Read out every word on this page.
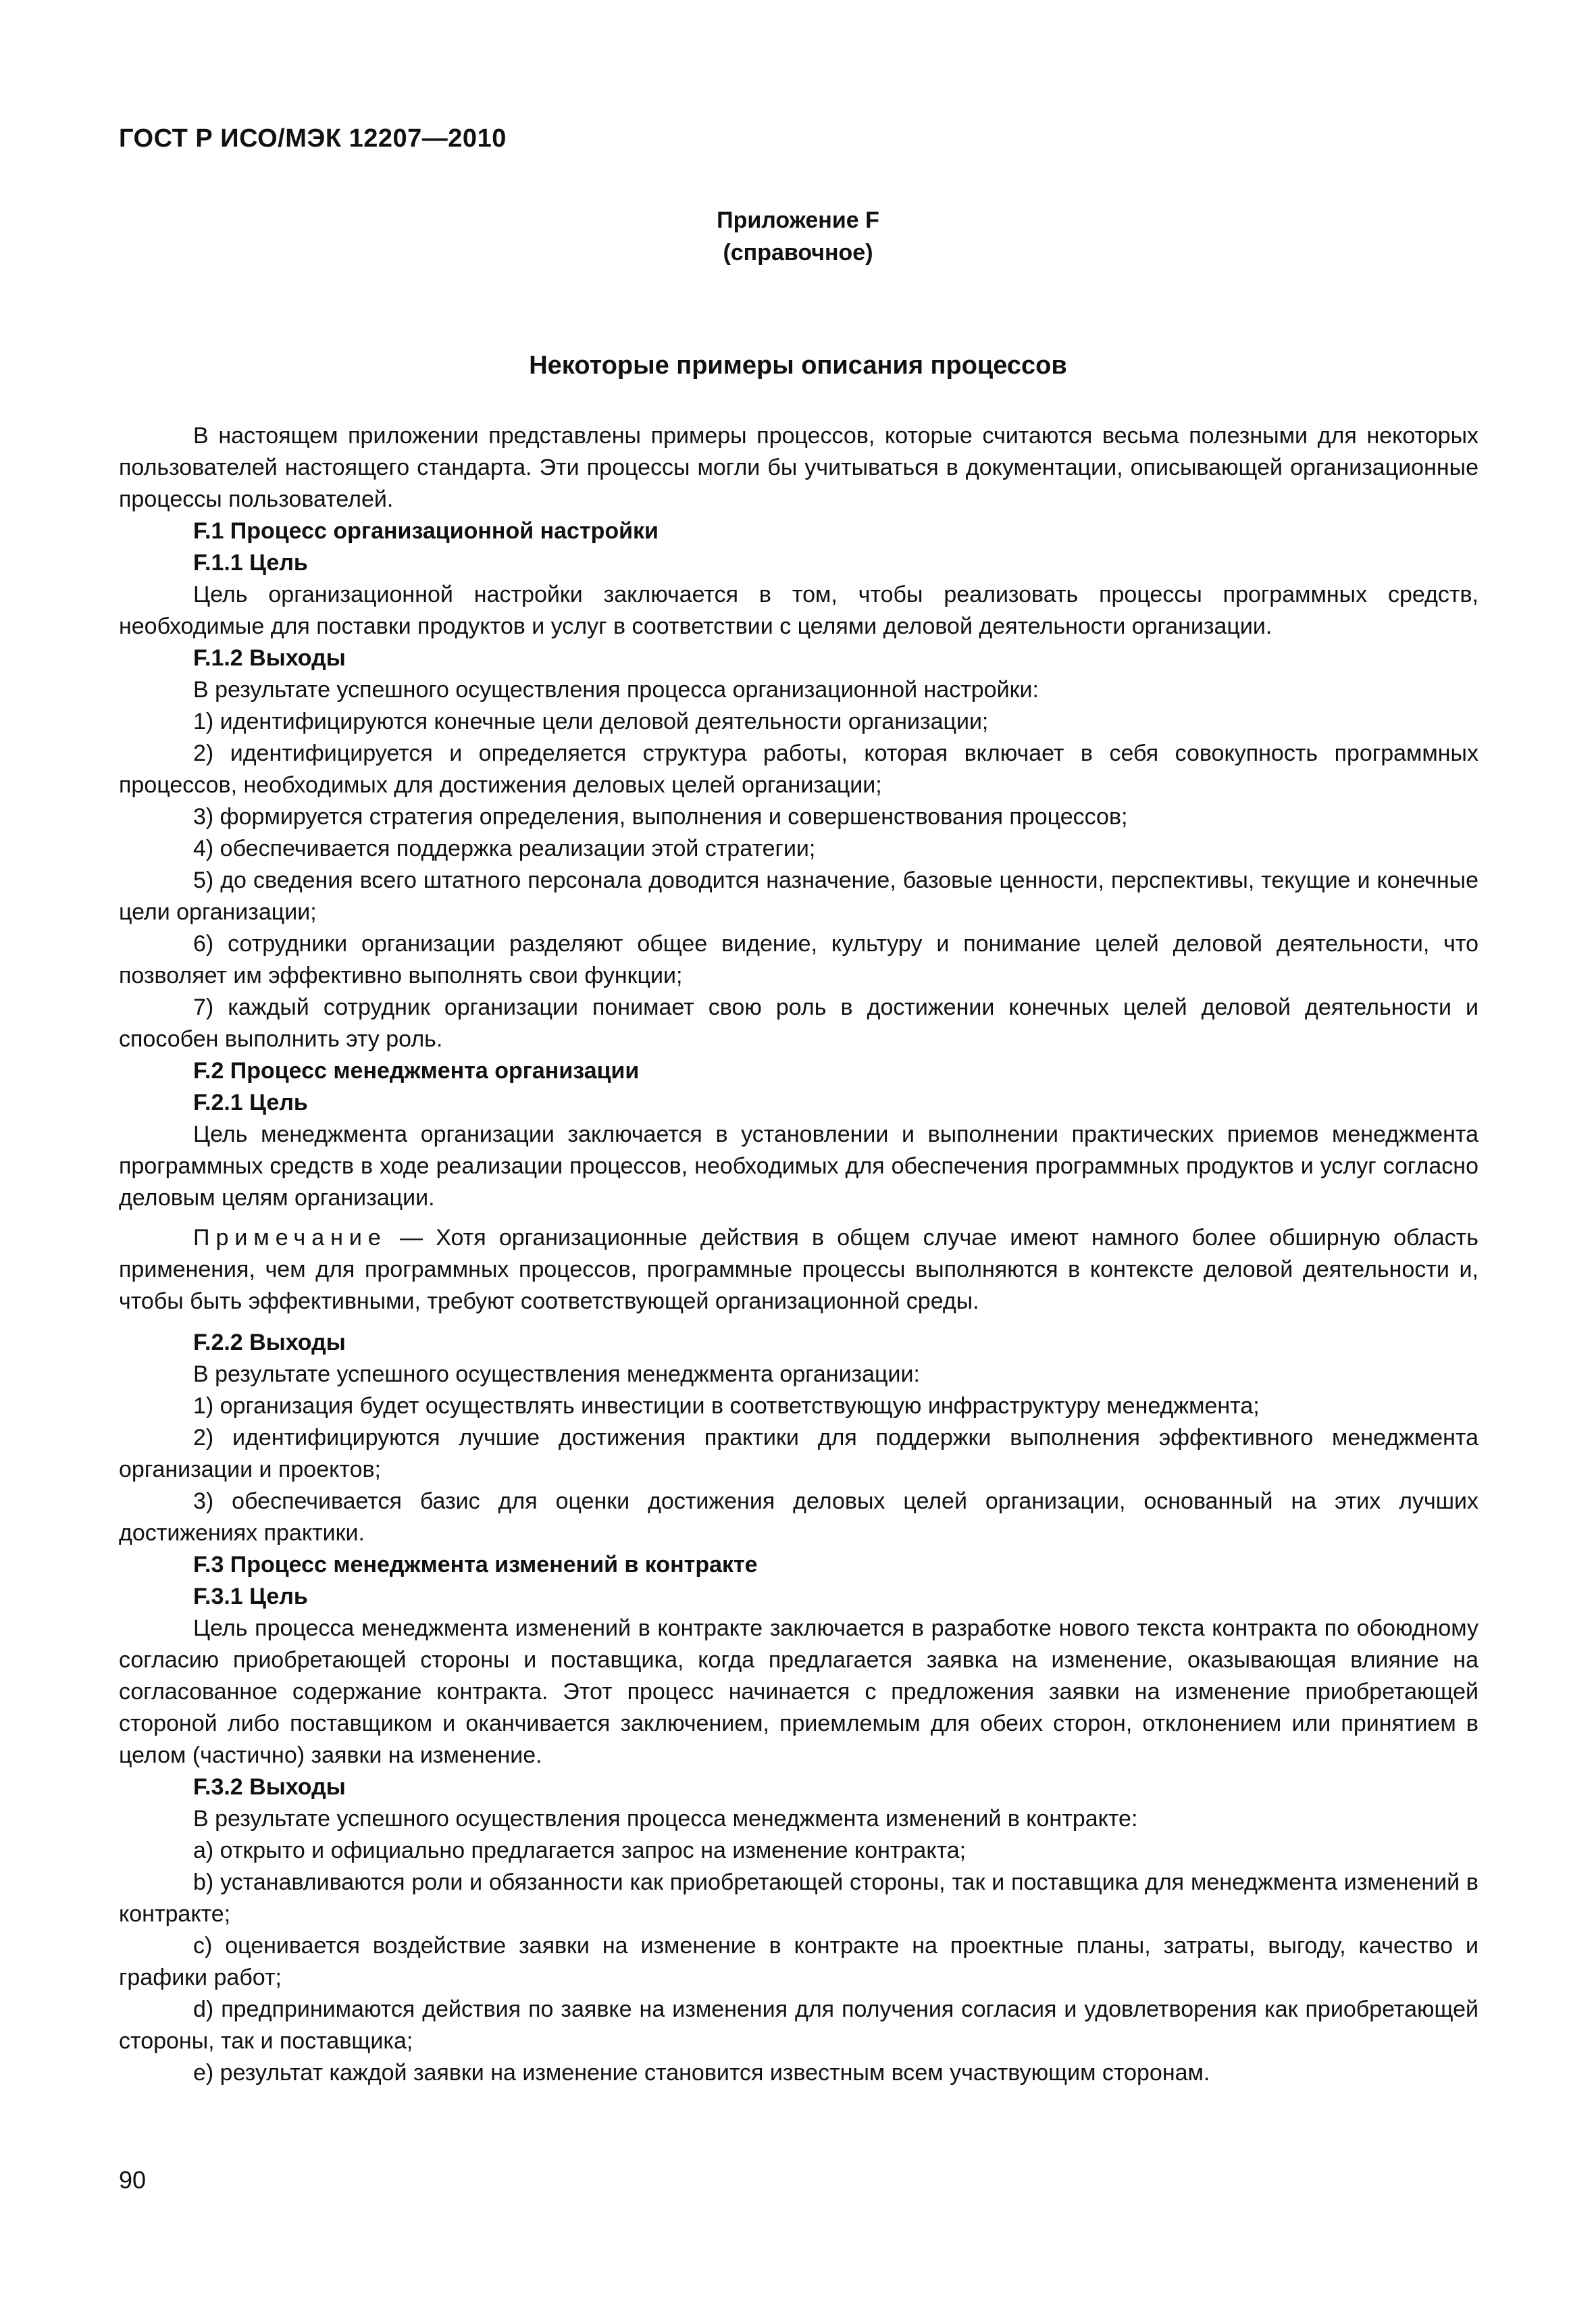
ГОСТ Р ИСО/МЭК 12207—2010
Приложение F
(справочное)
Некоторые примеры описания процессов

В настоящем приложении представлены примеры процессов, которые считаются весьма полезными для некоторых пользователей настоящего стандарта. Эти процессы могли бы учитываться в документации, описывающей организационные процессы пользователей.

F.1 Процесс организационной настройки

F.1.1 Цель

Цель организационной настройки заключается в том, чтобы реализовать процессы программных средств, необходимые для поставки продуктов и услуг в соответствии с целями деловой деятельности организации.

F.1.2 Выходы

В результате успешного осуществления процесса организационной настройки:

1) идентифицируются конечные цели деловой деятельности организации;

2) идентифицируется и определяется структура работы, которая включает в себя совокупность программных процессов, необходимых для достижения деловых целей организации;

3) формируется стратегия определения, выполнения и совершенствования процессов;

4) обеспечивается поддержка реализации этой стратегии;

5) до сведения всего штатного персонала доводится назначение, базовые ценности, перспективы, текущие и конечные цели организации;

6) сотрудники организации разделяют общее видение, культуру и понимание целей деловой деятельности, что позволяет им эффективно выполнять свои функции;

7) каждый сотрудник организации понимает свою роль в достижении конечных целей деловой деятельности и способен выполнить эту роль.

F.2 Процесс менеджмента организации

F.2.1 Цель

Цель менеджмента организации заключается в установлении и выполнении практических приемов менеджмента программных средств в ходе реализации процессов, необходимых для обеспечения программных продуктов и услуг согласно деловым целям организации.

Примечание — Хотя организационные действия в общем случае имеют намного более обширную область применения, чем для программных процессов, программные процессы выполняются в контексте деловой деятельности и, чтобы быть эффективными, требуют соответствующей организационной среды.

F.2.2 Выходы

В результате успешного осуществления менеджмента организации:

1) организация будет осуществлять инвестиции в соответствующую инфраструктуру менеджмента;

2) идентифицируются лучшие достижения практики для поддержки выполнения эффективного менеджмента организации и проектов;

3) обеспечивается базис для оценки достижения деловых целей организации, основанный на этих лучших достижениях практики.

F.3 Процесс менеджмента изменений в контракте

F.3.1 Цель

Цель процесса менеджмента изменений в контракте заключается в разработке нового текста контракта по обоюдному согласию приобретающей стороны и поставщика, когда предлагается заявка на изменение, оказывающая влияние на согласованное содержание контракта. Этот процесс начинается с предложения заявки на изменение приобретающей стороной либо поставщиком и оканчивается заключением, приемлемым для обеих сторон, отклонением или принятием в целом (частично) заявки на изменение.

F.3.2 Выходы

В результате успешного осуществления процесса менеджмента изменений в контракте:

a) открыто и официально предлагается запрос на изменение контракта;

b) устанавливаются роли и обязанности как приобретающей стороны, так и поставщика для менеджмента изменений в контракте;

c) оценивается воздействие заявки на изменение в контракте на проектные планы, затраты, выгоду, качество и графики работ;

d) предпринимаются действия по заявке на изменения для получения согласия и удовлетворения как приобретающей стороны, так и поставщика;

e) результат каждой заявки на изменение становится известным всем участвующим сторонам.

90
